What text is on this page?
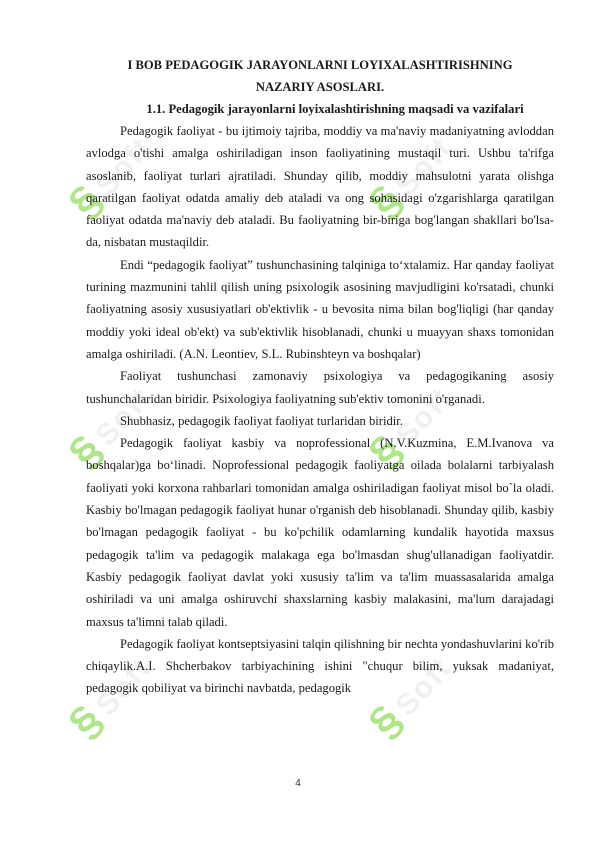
§Soft	§Soft
§Soft	§Soft
§Soft	§Soft

I BOB PEDAGOGIK JARAYONLARNI LOYIXALASHTIRISHNING

NAZARIY ASOSLARI.

1.1. Pedagogik jarayonlarni loyixalashtirishning maqsadi va vazifalari

Pedagogik faoliyat - bu ijtimoiy tajriba, moddiy va ma'naviy madaniyatning avloddan avlodga o'tishi amalga oshiriladigan inson faoliyatining mustaqil turi. Ushbu ta'rifga asoslanib, faoliyat turlari ajratiladi. Shunday qilib, moddiy mahsulotni yarata olishga qaratilgan faoliyat odatda amaliy deb ataladi va ong sohasidagi o'zgarishlarga qaratilgan faoliyat odatda ma'naviy deb ataladi. Bu faoliyatning bir-biriga bog'langan shakllari bo'lsa-da, nisbatan mustaqildir.

Endi “pedagogik faoliyat” tushunchasining talqiniga to‘xtalamiz. Har qanday faoliyat turining mazmunini tahlil qilish uning psixologik asosining mavjudligini ko'rsatadi, chunki faoliyatning asosiy xususiyatlari ob'ektivlik - u bevosita nima bilan bog'liqligi (har qanday moddiy yoki ideal ob'ekt) va sub'ektivlik hisoblanadi, chunki u muayyan shaxs tomonidan amalga oshiriladi. (A.N. Leontiev, S.L. Rubinshteyn va boshqalar)

Faoliyat tushunchasi zamonaviy psixologiya va pedagogikaning asosiy tushunchalaridan biridir. Psixologiya faoliyatning sub'ektiv tomonini o'rganadi.

Shubhasiz, pedagogik faoliyat faoliyat turlaridan biridir.

Pedagogik faoliyat kasbiy va noprofessional (N.V.Kuzmina, E.M.Ivanova va boshqalar)ga bo‘linadi. Noprofessional pedagogik faoliyatga oilada bolalarni tarbiyalash faoliyati yoki korxona rahbarlari tomonidan amalga oshiriladigan faoliyat misol bo`la oladi. Kasbiy bo'lmagan pedagogik faoliyat hunar o'rganish deb hisoblanadi. Shunday qilib, kasbiy bo'lmagan pedagogik faoliyat - bu ko'pchilik odamlarning kundalik hayotida maxsus pedagogik ta'lim va pedagogik malakaga ega bo'lmasdan shug'ullanadigan faoliyatdir. Kasbiy pedagogik faoliyat davlat yoki xususiy ta'lim va ta'lim muassasalarida amalga oshiriladi va uni amalga oshiruvchi shaxslarning kasbiy malakasini, ma'lum darajadagi maxsus ta'limni talab qiladi.

Pedagogik faoliyat kontseptsiyasini talqin qilishning bir nechta yondashuvlarini ko'rib chiqaylik.A.I. Shcherbakov tarbiyachining ishini "chuqur bilim, yuksak madaniyat, pedagogik qobiliyat va birinchi navbatda, pedagogik

4
